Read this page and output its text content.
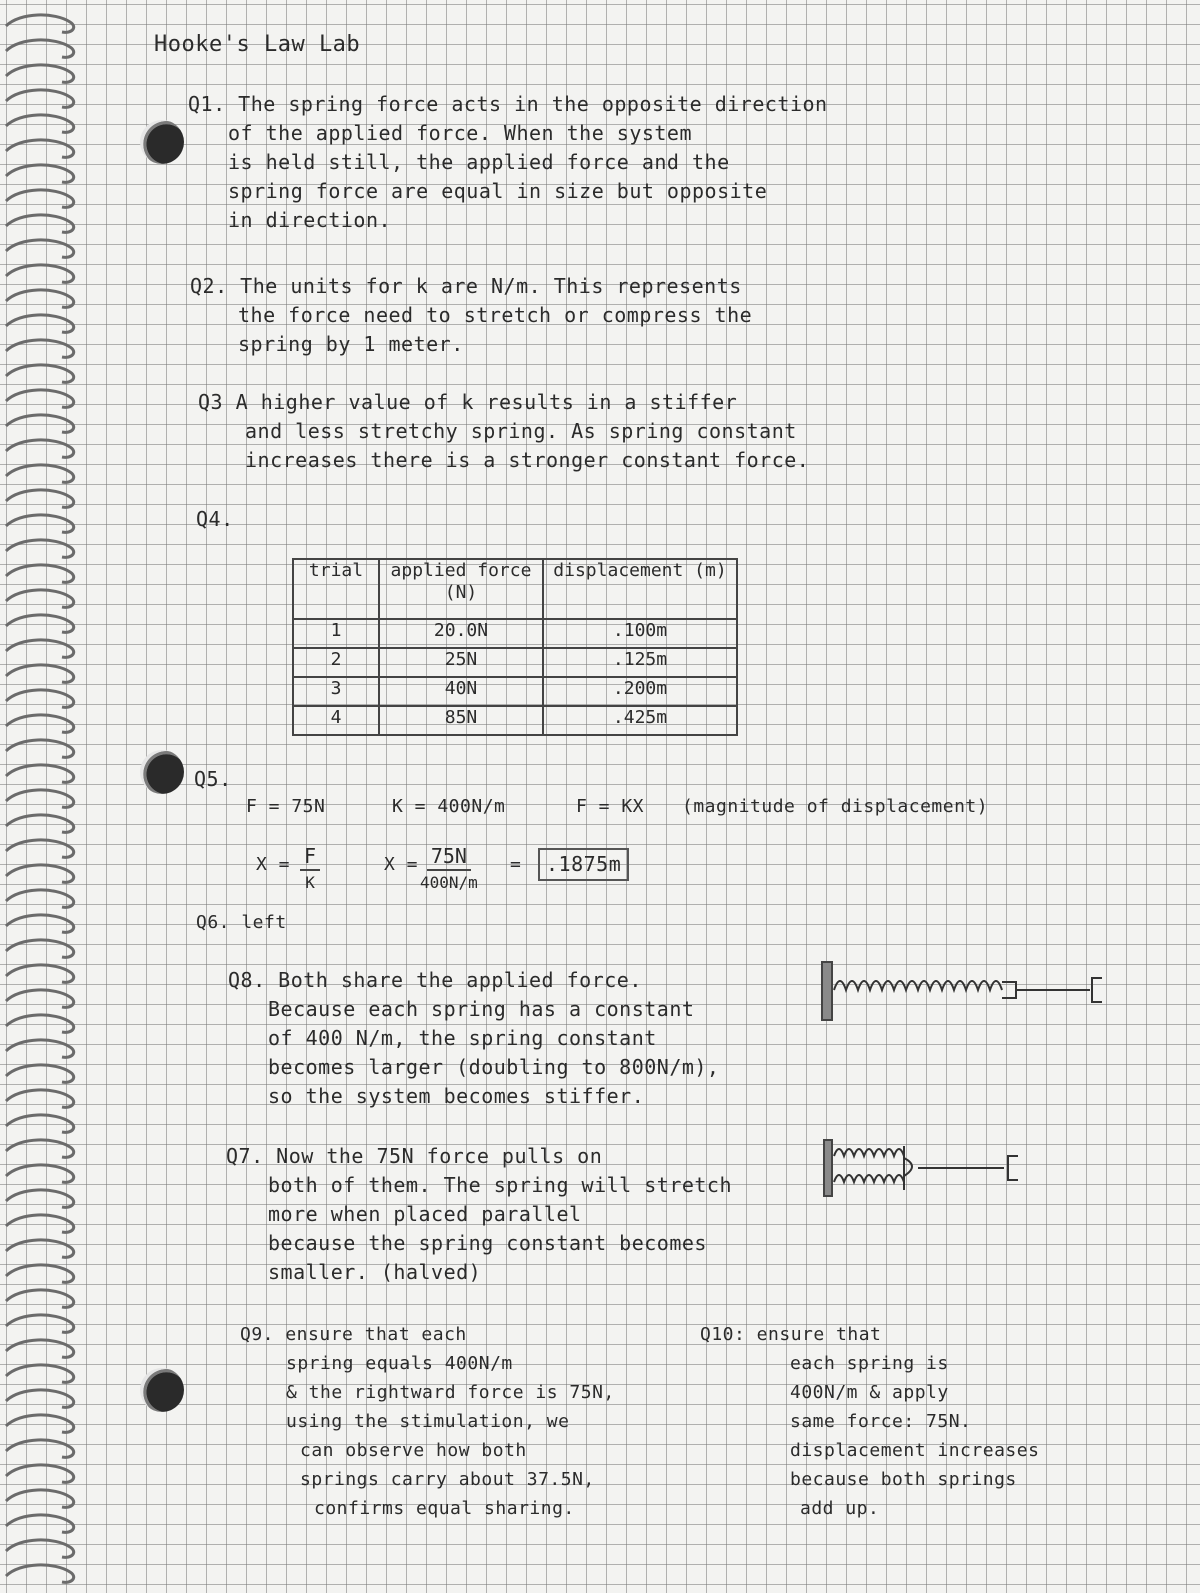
Hooke's Law Lab

Q1. The spring force acts in the opposite direction

of the applied force. When the system

is held still, the applied force and the

spring force are equal in size but opposite

in direction.

Q2. The units for k are N/m. This represents

the force need to stretch or compress the

spring by 1 meter.

Q3 A higher value of k results in a stiffer

and less stretchy spring. As spring constant

increases there is a stronger constant force.

Q4.

trial	applied force (N)	displacement (m)
1	20.0N	.100m
2	25N	.125m
3	40N	.200m
4	85N	.425m

Q5.

F = 75N	K = 400N/m	F = KX (magnitude of displacement)

X = F
K

X = 75N
400N/m

=	.1875m

Q6. left

Q8. Both share the applied force.

Because each spring has a constant

of 400 N/m, the spring constant

becomes larger (doubling to 800N/m),

so the system becomes stiffer.

Q7. Now the 75N force pulls on

both of them. The spring will stretch

more when placed parallel

because the spring constant becomes

smaller. (halved)

Q9. ensure that each

spring equals 400N/m

& the rightward force is 75N,

using the stimulation, we

can observe how both

springs carry about 37.5N,

confirms equal sharing.

Q10: ensure that

each spring is

400N/m & apply

same force: 75N.

displacement increases

because both springs

add up.
